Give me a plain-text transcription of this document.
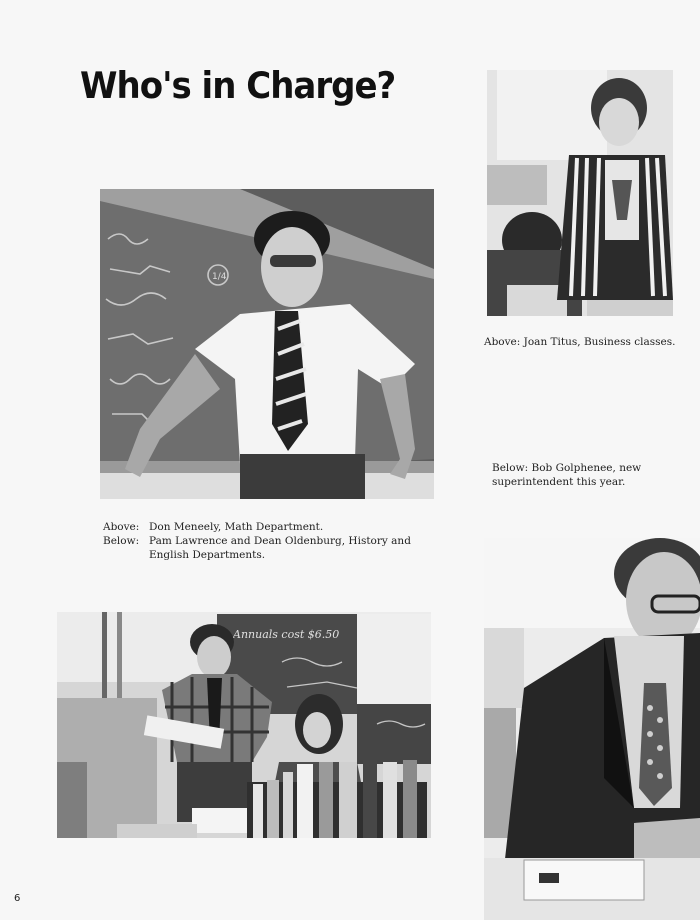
Who's in Charge?
Above: Joan Titus, Business classes.
Below: Bob Golphenee, new superintendent this year.
1/4
Above: Don Meneely, Math Department.
Below: Pam Lawrence and Dean Oldenburg, History and English Departments.
Annuals cost $6.50
6
